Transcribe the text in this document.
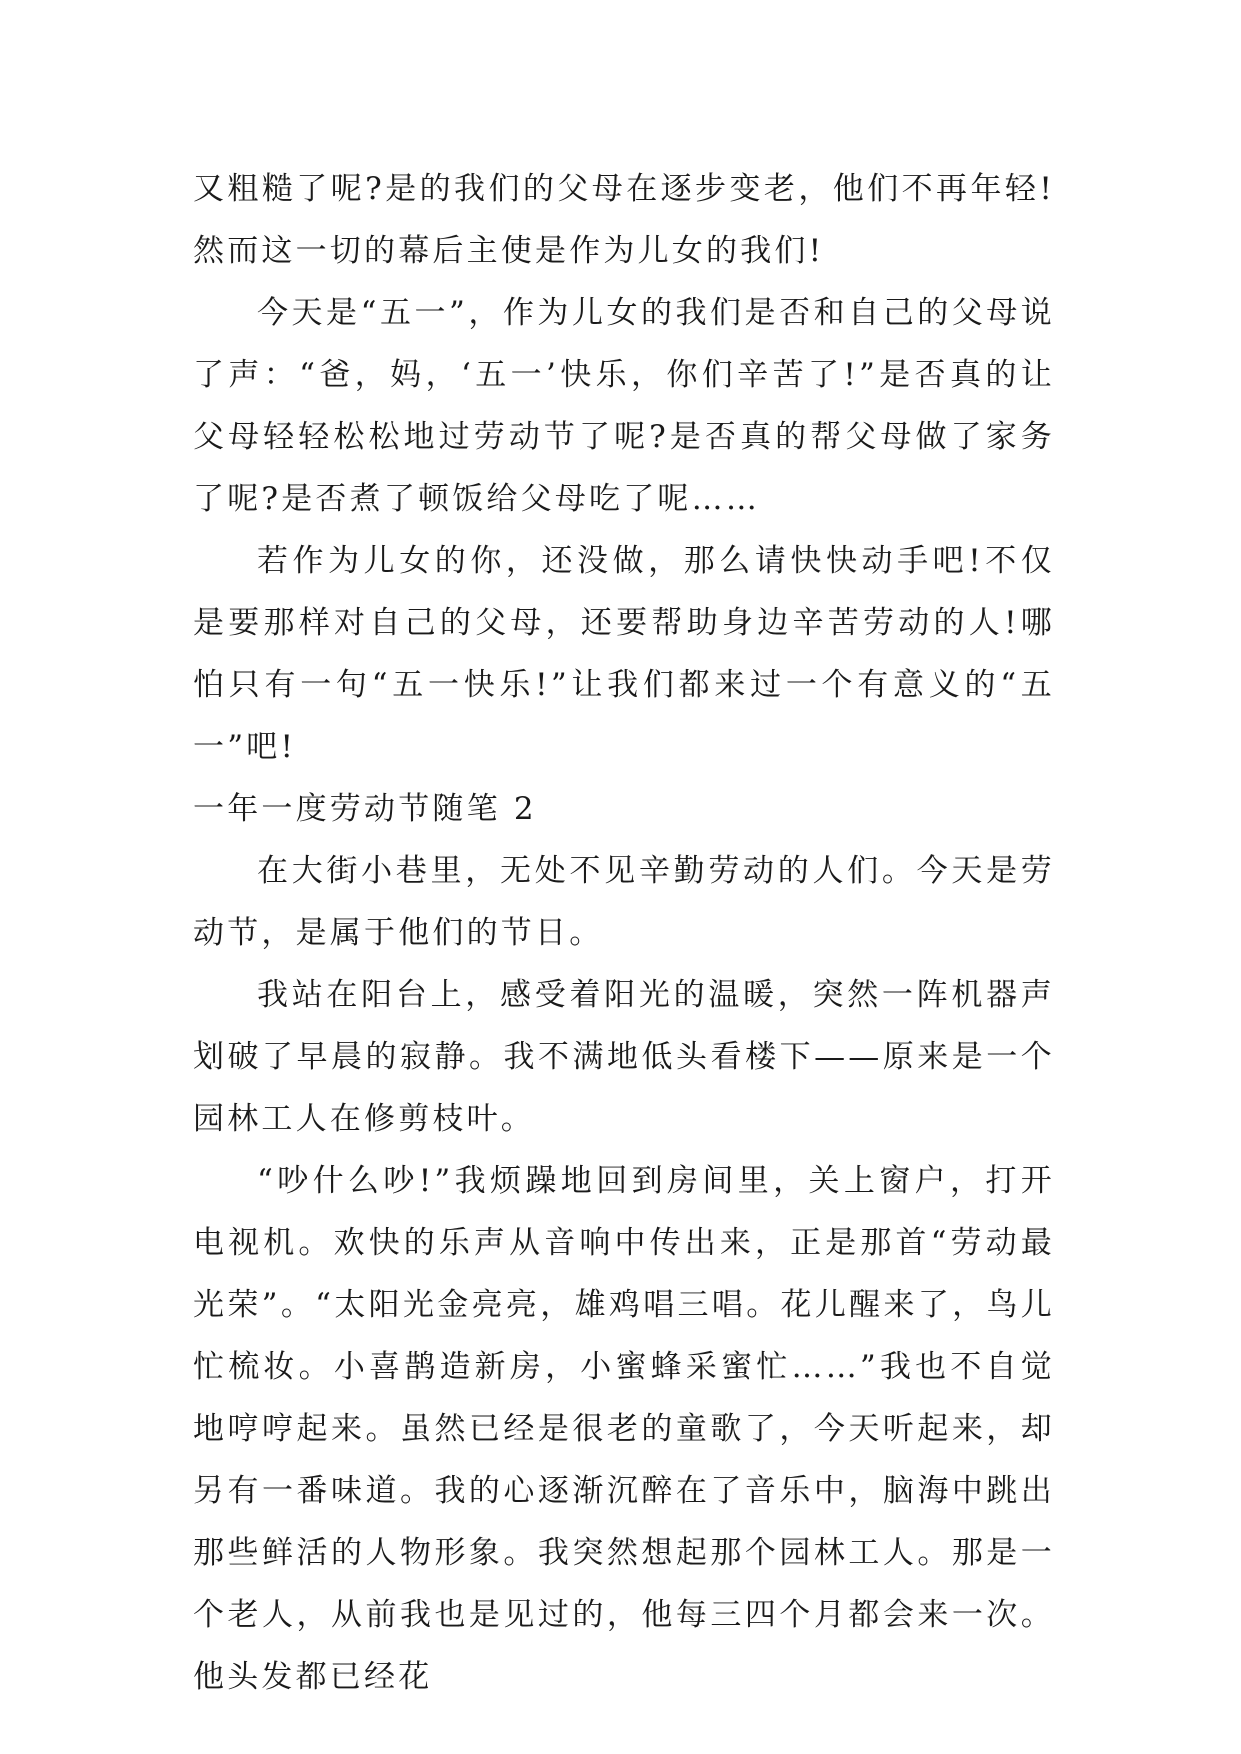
又粗糙了呢?是的我们的父母在逐步变老，他们不再年轻!然而这一切的幕后主使是作为儿女的我们!

今天是“五一”，作为儿女的我们是否和自己的父母说了声：“爸，妈，‘五一’快乐，你们辛苦了!”是否真的让父母轻轻松松地过劳动节了呢?是否真的帮父母做了家务了呢?是否煮了顿饭给父母吃了呢……

若作为儿女的你，还没做，那么请快快动手吧!不仅是要那样对自己的父母，还要帮助身边辛苦劳动的人!哪怕只有一句“五一快乐!”让我们都来过一个有意义的“五一”吧!

一年一度劳动节随笔 2

在大街小巷里，无处不见辛勤劳动的人们。今天是劳动节，是属于他们的节日。

我站在阳台上，感受着阳光的温暖，突然一阵机器声划破了早晨的寂静。我不满地低头看楼下——原来是一个园林工人在修剪枝叶。

“吵什么吵!”我烦躁地回到房间里，关上窗户，打开电视机。欢快的乐声从音响中传出来，正是那首“劳动最光荣”。“太阳光金亮亮，雄鸡唱三唱。花儿醒来了，鸟儿忙梳妆。小喜鹊造新房，小蜜蜂采蜜忙……”我也不自觉地哼哼起来。虽然已经是很老的童歌了，今天听起来，却另有一番味道。我的心逐渐沉醉在了音乐中，脑海中跳出那些鲜活的人物形象。我突然想起那个园林工人。那是一个老人，从前我也是见过的，他每三四个月都会来一次。他头发都已经花
